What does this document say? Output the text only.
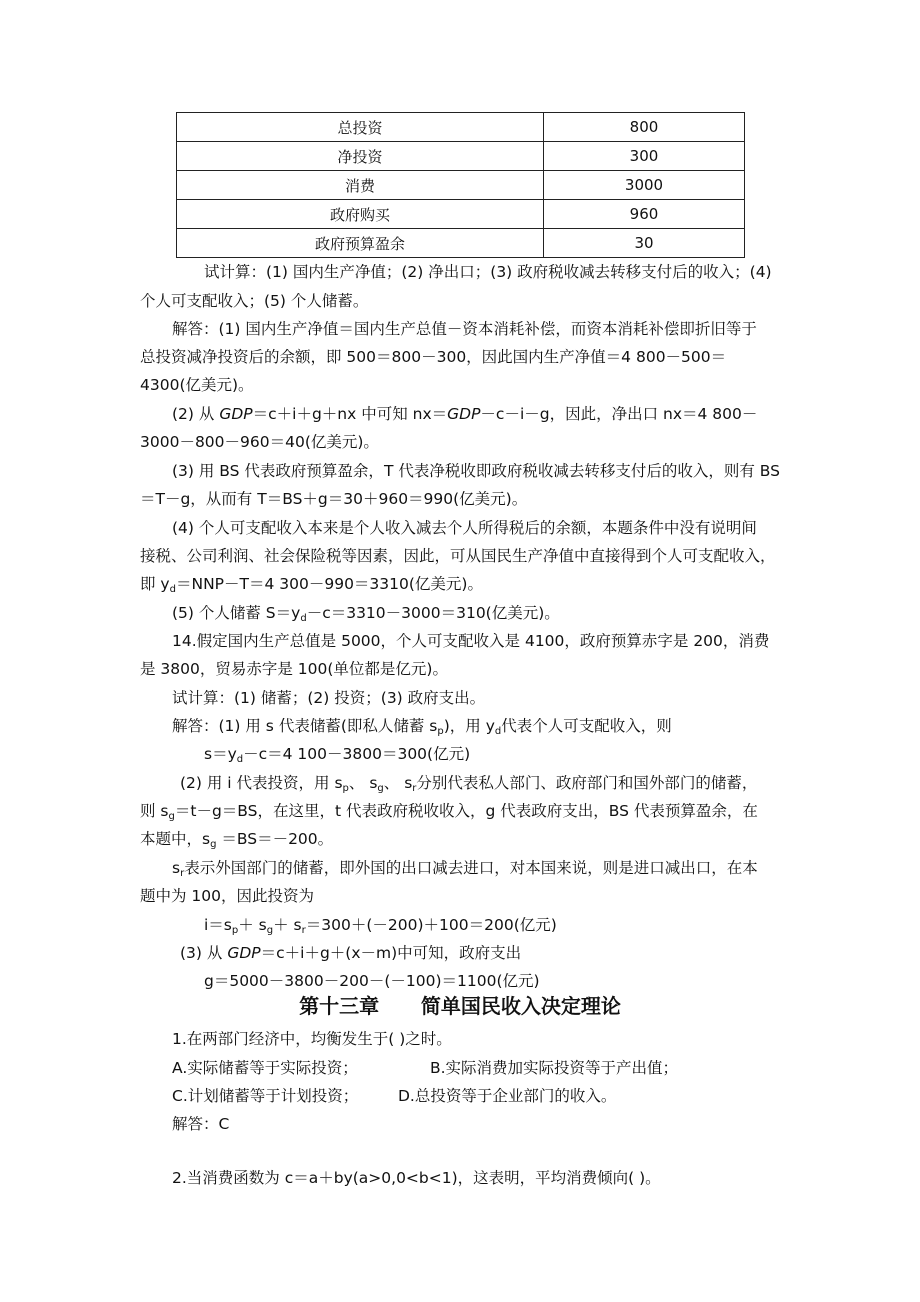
总投资	800
净投资	300
消费	3000
政府购买	960
政府预算盈余	30
试计算：(1) 国内生产净值；(2) 净出口；(3) 政府税收减去转移支付后的收入；(4)
个人可支配收入；(5) 个人储蓄。
解答：(1) 国内生产净值＝国内生产总值－资本消耗补偿，而资本消耗补偿即折旧等于
总投资减净投资后的余额，即 500＝800－300，因此国内生产净值＝4 800－500＝
4300(亿美元)。
(2) 从 GDP＝c＋i＋g＋nx 中可知 nx＝GDP－c－i－g，因此，净出口 nx＝4 800－
3000－800－960＝40(亿美元)。
(3) 用 BS 代表政府预算盈余，T 代表净税收即政府税收减去转移支付后的收入，则有 BS
＝T－g，从而有 T＝BS＋g＝30＋960＝990(亿美元)。
(4) 个人可支配收入本来是个人收入减去个人所得税后的余额，本题条件中没有说明间
接税、公司利润、社会保险税等因素，因此，可从国民生产净值中直接得到个人可支配收入，
即 $y_d=NNP-T=4$ 300－990＝3310(亿美元)。
(5) 个人储蓄 $S=y_d-c=3310-3000=310$(亿美元)。
14.假定国内生产总值是 5000，个人可支配收入是 4100，政府预算赤字是 200，消费
是 3800，贸易赤字是 100(单位都是亿元)。
试计算：(1) 储蓄；(2) 投资；(3) 政府支出。
解答：(1) 用 s 代表储蓄(即私人储蓄 $s_p$)，用 $y_d$代表个人可支配收入，则
$s=y_d-c=4$ 100－3800＝300(亿元)
(2) 用 i 代表投资，用 $s_p$、 $s_g$、 $s_r$分别代表私人部门、政府部门和国外部门的储蓄，
则 $s_g=t-g=BS$，在这里，t 代表政府税收收入，g 代表政府支出，BS 代表预算盈余，在
本题中，$s_g =BS=-200$。
$s_r$表示外国部门的储蓄，即外国的出口减去进口，对本国来说，则是进口减出口，在本
题中为 100，因此投资为
$i=s_p+ s_g+ s_r=300+(-200)+100=200$(亿元)
(3) 从 GDP＝c＋i＋g＋(x－m)中可知，政府支出
g＝5000－3800－200－(－100)＝1100(亿元)
第十三章      简单国民收入决定理论
1.在两部门经济中，均衡发生于( )之时。
A.实际储蓄等于实际投资；	B.实际消费加实际投资等于产出值；
C.计划储蓄等于计划投资；	D.总投资等于企业部门的收入。
解答：C
2.当消费函数为 c＝a＋by(a>0,0<b<1)，这表明，平均消费倾向( )。
